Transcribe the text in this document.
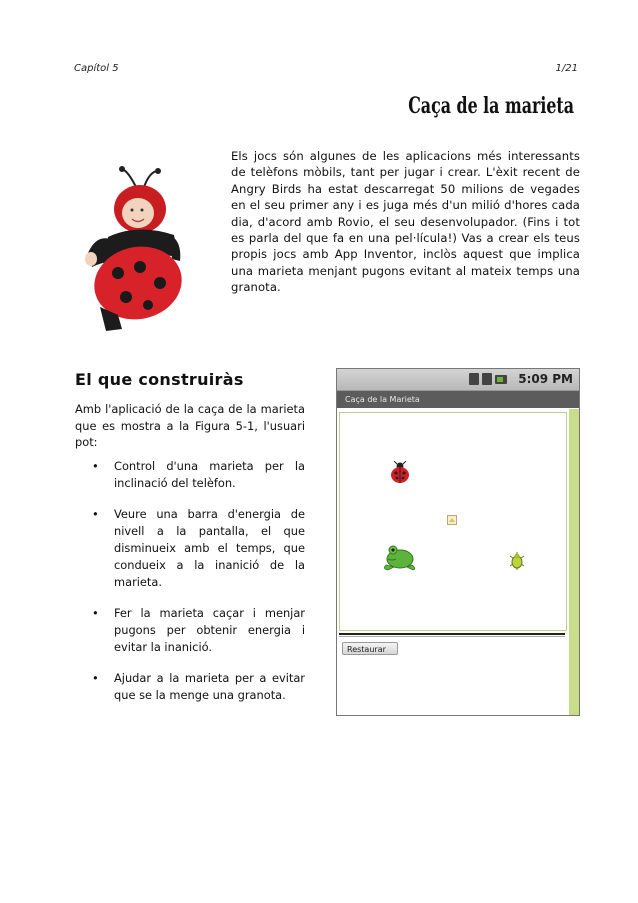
Capítol 5	1/21
Caça de la marieta
Els jocs són algunes de les aplicacions més interessants de telèfons mòbils, tant per jugar i crear. L'èxit recent de Angry Birds ha estat descarregat 50 milions de vegades en el seu primer any i es juga més d'un milió d'hores cada dia, d'acord amb Rovio, el seu desenvolupador. (Fins i tot es parla del que fa en una pel·lícula!) Vas a crear els teus propis jocs amb App Inventor, inclòs aquest que implica una marieta menjant pugons evitant al mateix temps una granota.
El que construiràs
Amb l'aplicació de la caça de la marieta que es mostra a la Figura 5-1, l'usuari pot:
• Control d'una marieta per la inclinació del telèfon.
• Veure una barra d'energia de nivell a la pantalla, el que disminueix amb el temps, que condueix a la inanició de la marieta.
• Fer la marieta caçar i menjar pugons per obtenir energia i evitar la inanició.
• Ajudar a la marieta per a evitar que se la menge una granota.
5:09 PM
Caça de la Marieta
Restaurar
